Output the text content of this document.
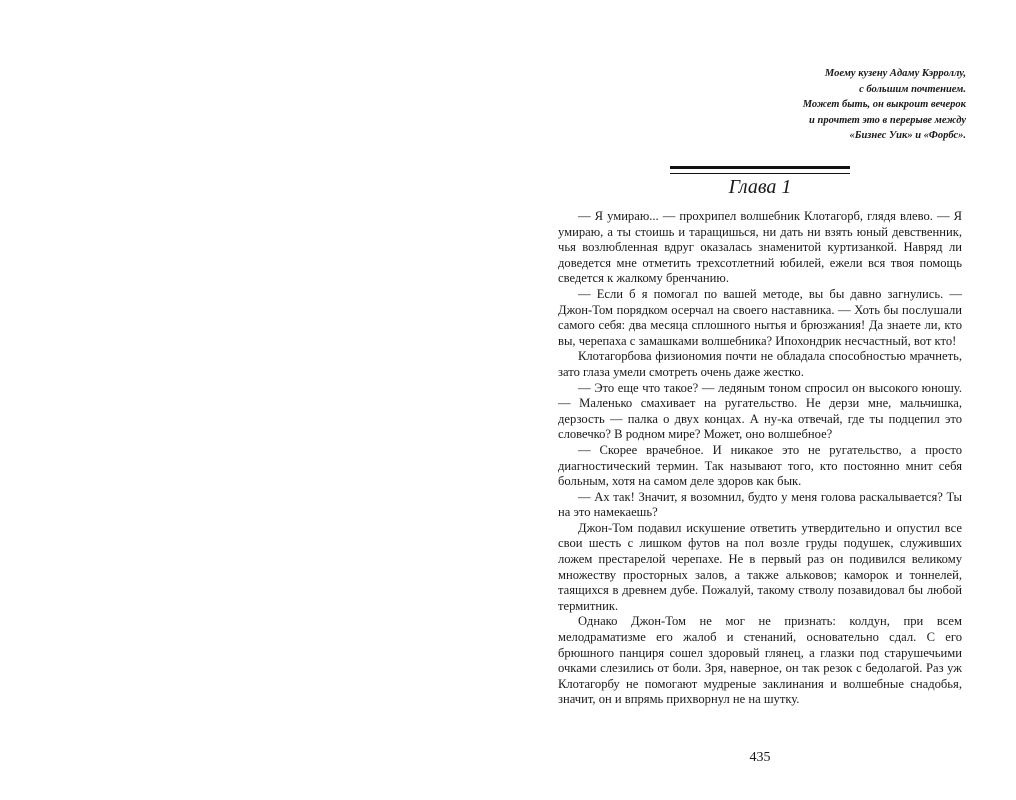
Моему кузену Адаму Кэрроллу,
с большим почтением.
Может быть, он выкроит вечерок
и прочтет это в перерыве между
«Бизнес Уик» и «Форбс».
Глава 1

— Я умираю... — прохрипел волшебник Клотагорб, глядя влево. — Я умираю, а ты стоишь и таращишься, ни дать ни взять юный девственник, чья возлюбленная вдруг оказалась знаменитой куртизанкой. Навряд ли доведется мне отметить трехсотлетний юбилей, ежели вся твоя помощь сведется к жалкому бренчанию.

— Если б я помогал по вашей методе, вы бы давно загнулись. — Джон-Том порядком осерчал на своего наставника. — Хоть бы послушали самого себя: два месяца сплошного нытья и брюзжания! Да знаете ли, кто вы, черепаха с замашками волшебника? Ипохондрик несчастный, вот кто!

Клотагорбова физиономия почти не обладала способностью мрачнеть, зато глаза умели смотреть очень даже жестко.

— Это еще что такое? — ледяным тоном спросил он высокого юношу. — Маленько смахивает на ругательство. Не дерзи мне, мальчишка, дерзость — палка о двух концах. А ну-ка отвечай, где ты подцепил это словечко? В родном мире? Может, оно волшебное?

— Скорее врачебное. И никакое это не ругательство, а просто диагностический термин. Так называют того, кто постоянно мнит себя больным, хотя на самом деле здоров как бык.

— Ах так! Значит, я возомнил, будто у меня голова раскалывается? Ты на это намекаешь?

Джон-Том подавил искушение ответить утвердительно и опустил все свои шесть с лишком футов на пол возле груды подушек, служивших ложем престарелой черепахе. Не в первый раз он подивился великому множеству просторных залов, а также альковов; каморок и тоннелей, таящихся в древнем дубе. Пожалуй, такому стволу позавидовал бы любой термитник.

Однако Джон-Том не мог не признать: колдун, при всем мелодраматизме его жалоб и стенаний, основательно сдал. С его брюшного панциря сошел здоровый глянец, а глазки под старушечьими очками слезились от боли. Зря, наверное, он так резок с бедолагой. Раз уж Клотагорбу не помогают мудреные заклинания и волшебные снадобья, значит, он и впрямь прихворнул не на шутку.

435
